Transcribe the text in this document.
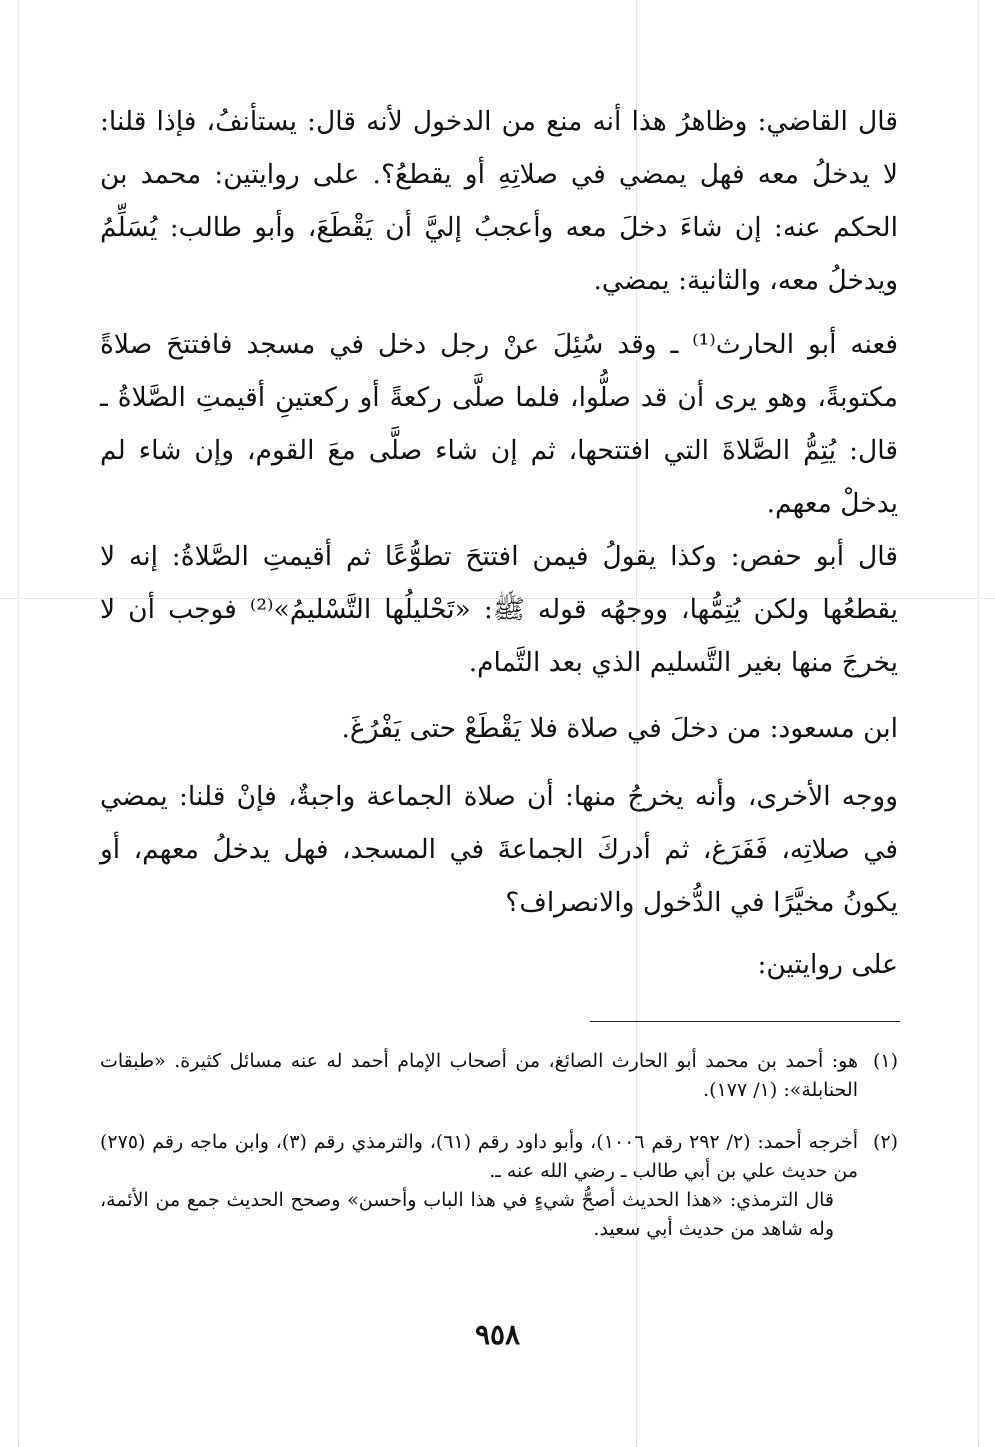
قال القاضي: وظاهرُ هذا أنه منع من الدخول لأنه قال: يستأنفُ، فإذا قلنا: لا يدخلُ معه فهل يمضي في صلاتِهِ أو يقطعُ؟. على روايتين: محمد بن الحكم عنه: إن شاءَ دخلَ معه وأعجبُ إليَّ أن يَقْطَعَ، وأبو طالب: يُسَلِّمُ ويدخلُ معه، والثانية: يمضي.

فعنه أبو الحارث⁽¹⁾ ـ وقد سُئِلَ عنْ رجل دخل في مسجد فافتتحَ صلاةً مكتوبةً، وهو يرى أن قد صلُّوا، فلما صلَّى ركعةً أو ركعتينِ أقيمتِ الصَّلاةُ ـ قال: يُتِمُّ الصَّلاةَ التي افتتحها، ثم إن شاء صلَّى معَ القوم، وإن شاء لم يدخلْ معهم.

قال أبو حفص: وكذا يقولُ فيمن افتتحَ تطوُّعًا ثم أقيمتِ الصَّلاةُ: إنه لا يقطعُها ولكن يُتِمُّها، ووجهُه قوله ﷺ: «تَحْليلُها التَّسْليمُ»⁽²⁾ فوجب أن لا يخرجَ منها بغير التَّسليم الذي بعد التَّمام.

ابن مسعود: من دخلَ في صلاة فلا يَقْطَعْ حتى يَفْرُغَ.

ووجه الأخرى، وأنه يخرجُ منها: أن صلاة الجماعة واجبةٌ، فإنْ قلنا: يمضي في صلاتِه، فَفَرَغ، ثم أدركَ الجماعةَ في المسجد، فهل يدخلُ معهم، أو يكونُ مخيَّرًا في الدُّخول والانصراف؟

على روايتين:

(١)

هو: أحمد بن محمد أبو الحارث الصائغ، من أصحاب الإمام أحمد له عنه مسائل كثيرة. «طبقات الحنابلة»: (١/ ١٧٧).

(٢)

أخرجه أحمد: (٢/ ٢٩٢ رقم ١٠٠٦)، وأبو داود رقم (٦١)، والترمذي رقم (٣)، وابن ماجه رقم (٢٧٥) من حديث علي بن أبي طالب ـ رضي الله عنه ـ.

قال الترمذي: «هذا الحديث أصحُّ شيءٍ في هذا الباب وأحسن» وصحح الحديث جمع من الأئمة، وله شاهد من حديث أبي سعيد.

٩٥٨
